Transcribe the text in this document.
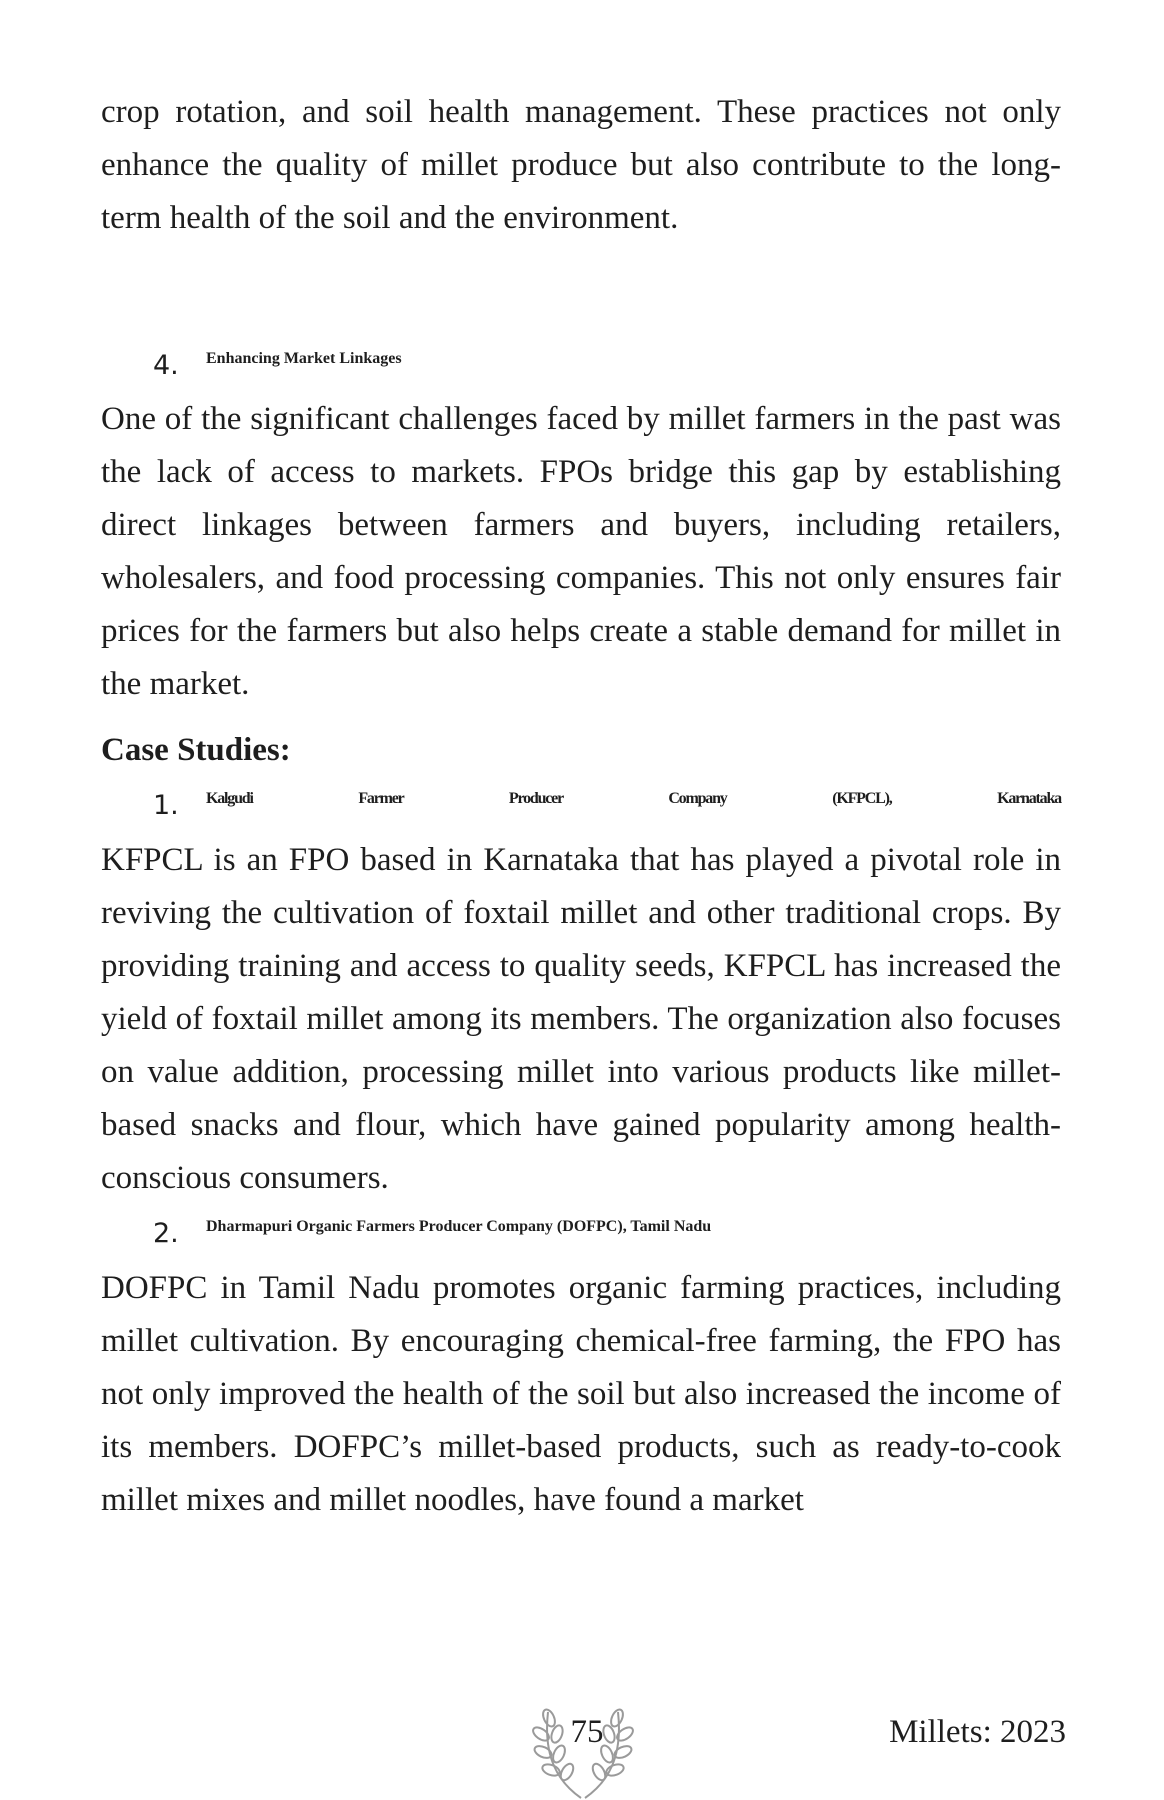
crop rotation, and soil health management. These practices not only enhance the quality of millet produce but also contribute to the long-term health of the soil and the environment.

4.	Enhancing Market Linkages

One of the significant challenges faced by millet farmers in the past was the lack of access to markets. FPOs bridge this gap by establishing direct linkages between farmers and buyers, including retailers, wholesalers, and food processing companies. This not only ensures fair prices for the farmers but also helps create a stable demand for millet in the market.

Case Studies:
1.	Kalgudi Farmer Producer Company (KFPCL), Karnataka

KFPCL is an FPO based in Karnataka that has played a pivotal role in reviving the cultivation of foxtail millet and other traditional crops. By providing training and access to quality seeds, KFPCL has increased the yield of foxtail millet among its members. The organization also focuses on value addition, processing millet into various products like millet-based snacks and flour, which have gained popularity among health-conscious consumers.

2.	Dharmapuri Organic Farmers Producer Company (DOFPC), Tamil Nadu

DOFPC in Tamil Nadu promotes organic farming practices, including millet cultivation. By encouraging chemical-free farming, the FPO has not only improved the health of the soil but also increased the income of its members. DOFPC’s millet-based products, such as ready-to-cook millet mixes and millet noodles, have found a market

75	Millets: 2023
